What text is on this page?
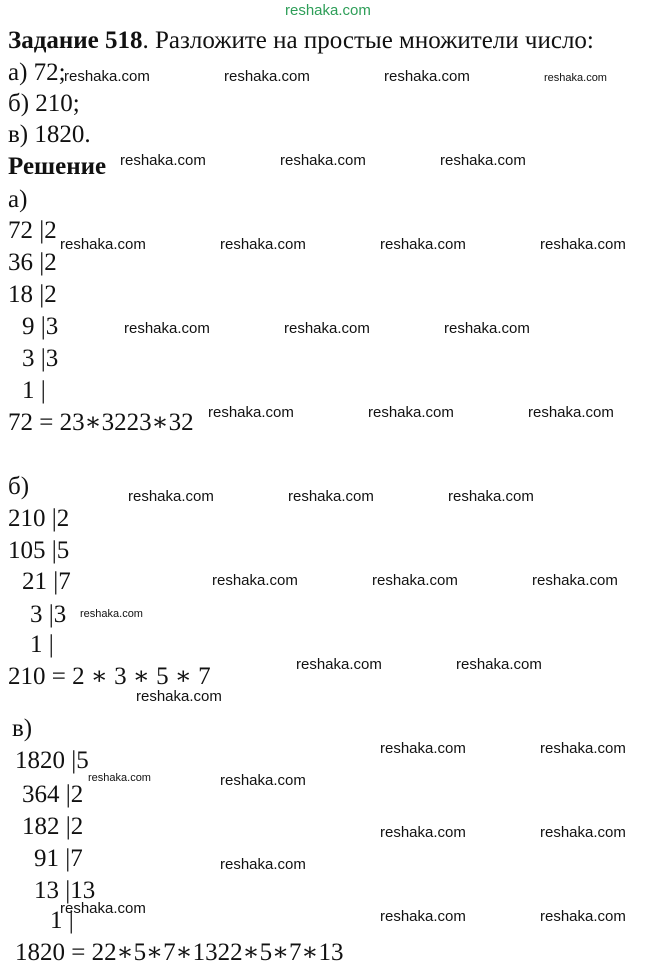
reshaka.com
Задание 518. Разложите на простые множители число:
а) 72;
б) 210;
в) 1820.
Решение
а)
72 |2
36 |2
18 |2
9 |3
3 |3
1 |
72 = 23∗3223∗32
б)
210 |2
105 |5
21 |7
3 |3
1 |
210 = 2 ∗ 3 ∗ 5 ∗ 7
в)
1820 |5
364 |2
182 |2
91 |7
13 |13
1 |
1820 = 22∗5∗7∗1322∗5∗7∗13
reshaka.com	reshaka.com	reshaka.com	reshaka.com
reshaka.com	reshaka.com	reshaka.com
reshaka.com	reshaka.com	reshaka.com	reshaka.com
reshaka.com	reshaka.com	reshaka.com
reshaka.com	reshaka.com	reshaka.com
reshaka.com	reshaka.com	reshaka.com
reshaka.com	reshaka.com	reshaka.com
reshaka.com
reshaka.com	reshaka.com
reshaka.com
reshaka.com	reshaka.com
reshaka.com	reshaka.com
reshaka.com	reshaka.com
reshaka.com
reshaka.com	reshaka.com	reshaka.com
